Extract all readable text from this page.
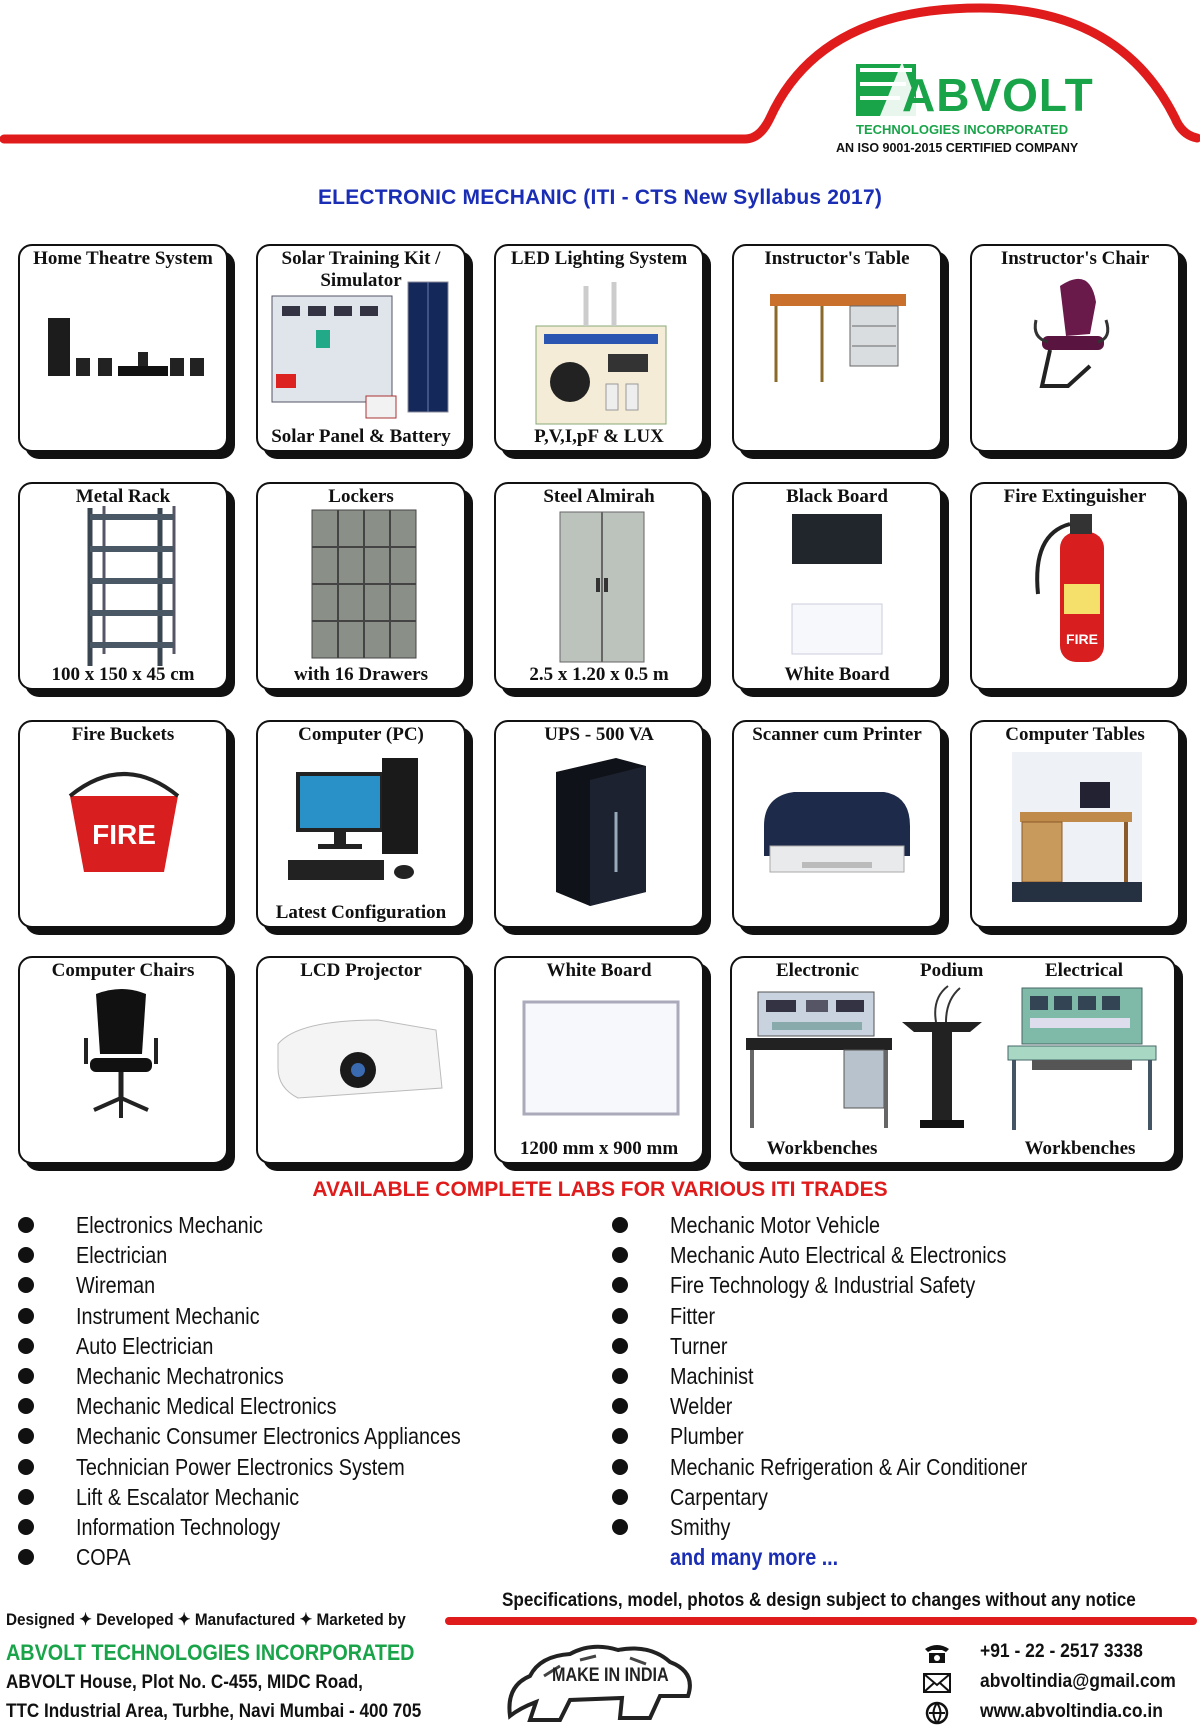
ABVOLT
TECHNOLOGIES INCORPORATED
AN ISO 9001-2015 CERTIFIED COMPANY
ELECTRONIC MECHANIC (ITI - CTS New Syllabus 2017)
Home Theatre System	Solar Training Kit / Simulator
Solar Panel & Battery
LED Lighting System
P,V,I,pF & LUX
Instructor's Table	Instructor's Chair
Metal Rack
100 x 150 x 45 cm
Lockers
with 16 Drawers
Steel Almirah
2.5 x 1.20 x 0.5 m
Black Board
White Board
FIRE
Fire Extinguisher
FIRE
Fire Buckets	Computer (PC)
Latest Configuration
UPS - 500 VA	Scanner cum Printer	Computer Tables
Computer Chairs	LCD Projector	White Board
1200 mm x 900 mm
Electronic	Podium	Electrical
Workbenches	Workbenches
AVAILABLE COMPLETE LABS FOR VARIOUS ITI TRADES
Electronics Mechanic
Electrician
Wireman
Instrument Mechanic
Auto Electrician
Mechanic Mechatronics
Mechanic Medical Electronics
Mechanic Consumer Electronics Appliances
Technician Power Electronics System
Lift & Escalator Mechanic
Information Technology
COPA
Mechanic Motor Vehicle
Mechanic Auto Electrical & Electronics
Fire Technology & Industrial Safety
Fitter
Turner
Machinist
Welder
Plumber
Mechanic Refrigeration & Air Conditioner
Carpentary
Smithy
and many more ...
Specifications, model, photos & design subject to changes without any notice
Designed ✦ Developed ✦ Manufactured ✦ Marketed by
ABVOLT TECHNOLOGIES INCORPORATED
ABVOLT House, Plot No. C-455, MIDC Road,
TTC Industrial Area, Turbhe, Navi Mumbai - 400 705
MAKE IN INDIA
+91 - 22 - 2517 3338
abvoltindia@gmail.com
www.abvoltindia.co.in
